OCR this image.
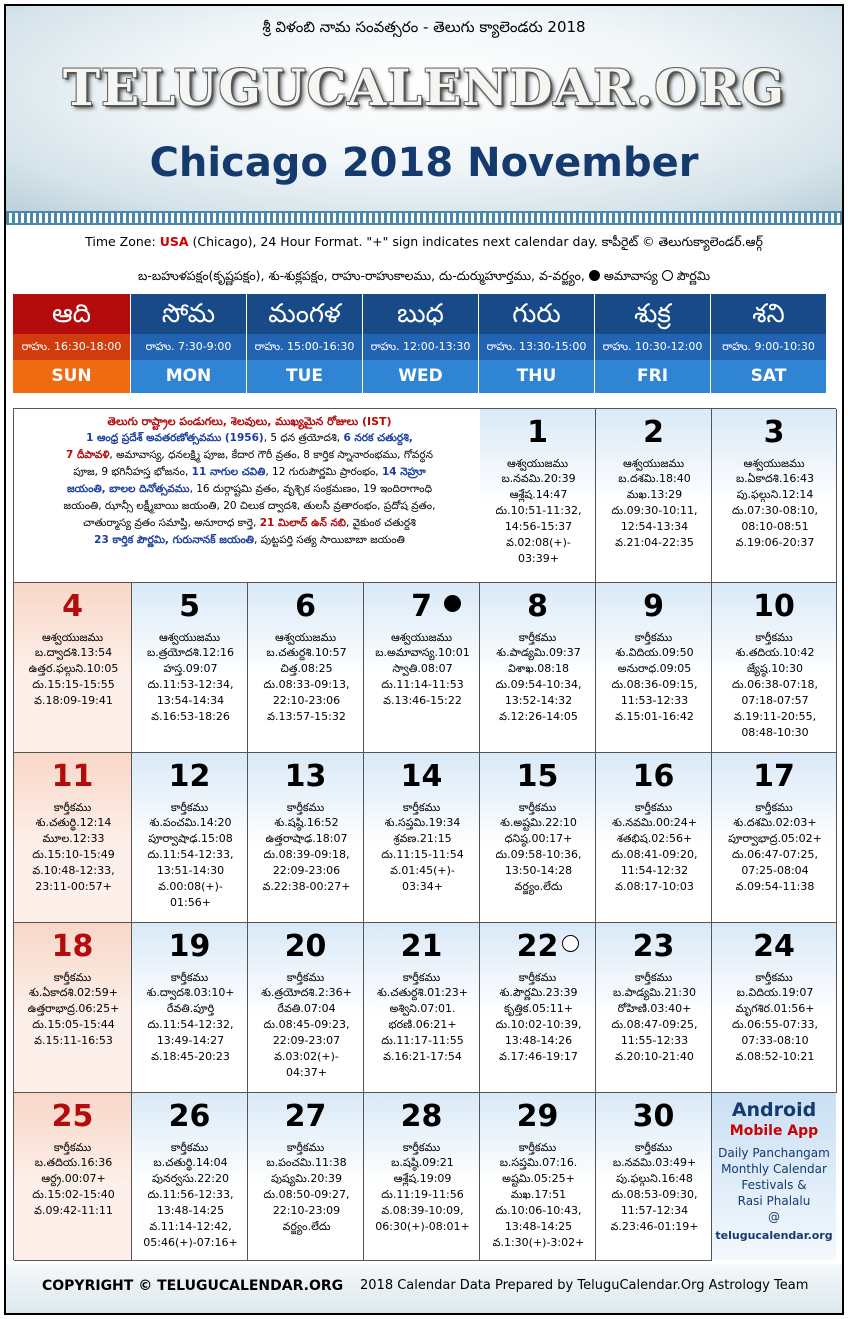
శ్రీ విళంబి నామ సంవత్సరం - తెలుగు క్యాలెండరు 2018
TELUGUCALENDAR.ORG
Chicago 2018 November
Time Zone: USA (Chicago), 24 Hour Format. "+" sign indicates next calendar day. కాపీరైట్ © తెలుగుక్యాలెండర్.ఆర్గ్
బ-బహుళపక్షం(కృష్ణపక్షం), శు-శుక్లపక్షం, రాహు-రాహుకాలము, దు-దుర్ముహూర్తము, వ-వర్జ్యం,  అమావాస్య  పౌర్ణమి
ఆది
రాహు. 16:30-18:00
SUN
సోమ
రాహు. 7:30-9:00
MON
మంగళ
రాహు. 15:00-16:30
TUE
బుధ
రాహు. 12:00-13:30
WED
గురు
రాహు. 13:30-15:00
THU
శుక్ర
రాహు. 10:30-12:00
FRI
శని
రాహు. 9:00-10:30
SAT
తెలుగు రాష్ట్రాల పండుగలు, శెలవులు, ముఖ్యమైన రోజులు (IST)
1 ఆంధ్ర ప్రదేశ్ అవతరణోత్సవము (1956), 5 ధన త్రయోదశి, 6 నరక చతుర్దశి,
7 దీపావళి, అమావాస్య, ధనలక్ష్మి పూజ, కేదార గౌరీ వ్రతం, 8 కార్తిక స్నానారంభము, గోవర్ధన
పూజ, 9 భగినీహస్త భోజనం, 11 నాగుల చవితి, 12 గురుపౌర్ణమి ప్రారంభం, 14 నెహ్రూ
జయంతి, బాలల దినోత్సవము, 16 దుర్గాష్టమి వ్రతం, వృశ్చిక సంక్రమణం, 19 ఇందిరాగాంధి
జయంతి, ఝాన్సీ లక్ష్మీబాయి జయంతి, 20 చిలుక ద్వాదశి, తులసీ వ్రతారంభం, ప్రదోష వ్రతం,
చాతుర్మాస్య వ్రతం సమాప్తి, అనూరాధ కార్తె, 21 మిలాద్ ఉన్ నబి, వైకుంఠ చతుర్దశి
23 కార్తిక పౌర్ణమి, గురునానక్ జయంతి, పుట్టపర్తి సత్య సాయిబాబా జయంతి
1
ఆశ్వయుజము
బ.నవమి.20:39
ఆశ్లేష.14:47
దు.10:51-11:32,
14:56-15:37
వ.02:08(+)-
03:39+
2
ఆశ్వయుజము
బ.దశమి.18:40
మఖ.13:29
దు.09:30-10:11,
12:54-13:34
వ.21:04-22:35
3
ఆశ్వయుజము
బ.ఏకాదశి.16:43
పు.ఫల్గుని.12:14
దు.07:30-08:10,
08:10-08:51
వ.19:06-20:37
4
ఆశ్వయుజము
బ.ద్వాదశి.13:54
ఉత్తర.ఫల్గుని.10:05
దు.15:15-15:55
వ.18:09-19:41
5
ఆశ్వయుజము
బ.త్రయోదశి.12:16
హస్త.09:07
దు.11:53-12:34,
13:54-14:34
వ.16:53-18:26
6
ఆశ్వయుజము
బ.చతుర్దశి.10:57
చిత్త.08:25
దు.08:33-09:13,
22:10-23:06
వ.13:57-15:32
7
ఆశ్వయుజము
బ.అమావాస్య.10:01
స్వాతి.08:07
దు.11:14-11:53
వ.13:46-15:22
8
కార్తీకము
శు.పాడ్యమి.09:37
విశాఖ.08:18
దు.09:54-10:34,
13:52-14:32
వ.12:26-14:05
9
కార్తీకము
శు.విదియ.09:50
అనురాధ.09:05
దు.08:36-09:15,
11:53-12:33
వ.15:01-16:42
10
కార్తీకము
శు.తదియ.10:42
జ్యేష్ఠ.10:30
దు.06:38-07:18,
07:18-07:57
వ.19:11-20:55,
08:48-10:30
11
కార్తీకము
శు.చతుర్థి.12:14
మూల.12:33
దు.15:10-15:49
వ.10:48-12:33,
23:11-00:57+
12
కార్తీకము
శు.పంచమి.14:20
పూర్వాషాఢ.15:08
దు.11:54-12:33,
13:51-14:30
వ.00:08(+)-
01:56+
13
కార్తీకము
శు.షష్ఠి.16:52
ఉత్తరాషాఢ.18:07
దు.08:39-09:18,
22:09-23:06
వ.22:38-00:27+
14
కార్తీకము
శు.సప్తమి.19:34
శ్రవణ.21:15
దు.11:15-11:54
వ.01:45(+)-
03:34+
15
కార్తీకము
శు.అష్టమి.22:10
ధనిష్ఠ.00:17+
దు.09:58-10:36,
13:50-14:28
వర్జ్యం.లేదు
16
కార్తీకము
శు.నవమి.00:24+
శతభిష.02:56+
దు.08:41-09:20,
11:54-12:32
వ.08:17-10:03
17
కార్తీకము
శు.దశమి.02:03+
పూర్వాభాద్ర.05:02+
దు.06:47-07:25,
07:25-08:04
వ.09:54-11:38
18
కార్తీకము
శు.ఏకాదశి.02:59+
ఉత్తరాభాద్ర.06:25+
దు.15:05-15:44
వ.15:11-16:53
19
కార్తీకము
శు.ద్వాదశి.03:10+
రేవతి.పూర్తి
దు.11:54-12:32,
13:49-14:27
వ.18:45-20:23
20
కార్తీకము
శు.త్రయోదశి.2:36+
రేవతి.07:04
దు.08:45-09:23,
22:09-23:07
వ.03:02(+)-
04:37+
21
కార్తీకము
శు.చతుర్దశి.01:23+
అశ్విని.07:01.
భరణి.06:21+
దు.11:17-11:55
వ.16:21-17:54
22
కార్తీకము
శు.పౌర్ణమి.23:39
కృత్తిక.05:11+
దు.10:02-10:39,
13:48-14:26
వ.17:46-19:17
23
కార్తీకము
బ.పాడ్యమి.21:30
రోహిణి.03:40+
దు.08:47-09:25,
11:55-12:33
వ.20:10-21:40
24
కార్తీకము
బ.విదియ.19:07
మృగశిర.01:56+
దు.06:55-07:33,
07:33-08:10
వ.08:52-10:21
25
కార్తీకము
బ.తదియ.16:36
ఆర్ద్ర.00:07+
దు.15:02-15:40
వ.09:42-11:11
26
కార్తీకము
బ.చతుర్థి.14:04
పునర్వసు.22:20
దు.11:56-12:33,
13:48-14:25
వ.11:14-12:42,
05:46(+)-07:16+
27
కార్తీకము
బ.పంచమి.11:38
పుష్యమి.20:39
దు.08:50-09:27,
22:10-23:09
వర్జ్యం.లేదు
28
కార్తీకము
బ.షష్ఠి.09:21
ఆశ్లేష.19:09
దు.11:19-11:56
వ.08:39-10:09,
06:30(+)-08:01+
29
కార్తీకము
బ.సప్తమి.07:16.
అష్టమి.05:25+
మఖ.17:51
దు.10:06-10:43,
13:48-14:25
వ.1:30(+)-3:02+
30
కార్తీకము
బ.నవమి.03:49+
పు.ఫల్గుని.16:48
దు.08:53-09:30,
11:57-12:34
వ.23:46-01:19+
Android
Mobile App
Daily Panchangam
Monthly Calendar
Festivals &
Rasi Phalalu
@
telugucalendar.org
COPYRIGHT © TELUGUCALENDAR.ORG 2018 Calendar Data Prepared by TeluguCalendar.Org Astrology Team
